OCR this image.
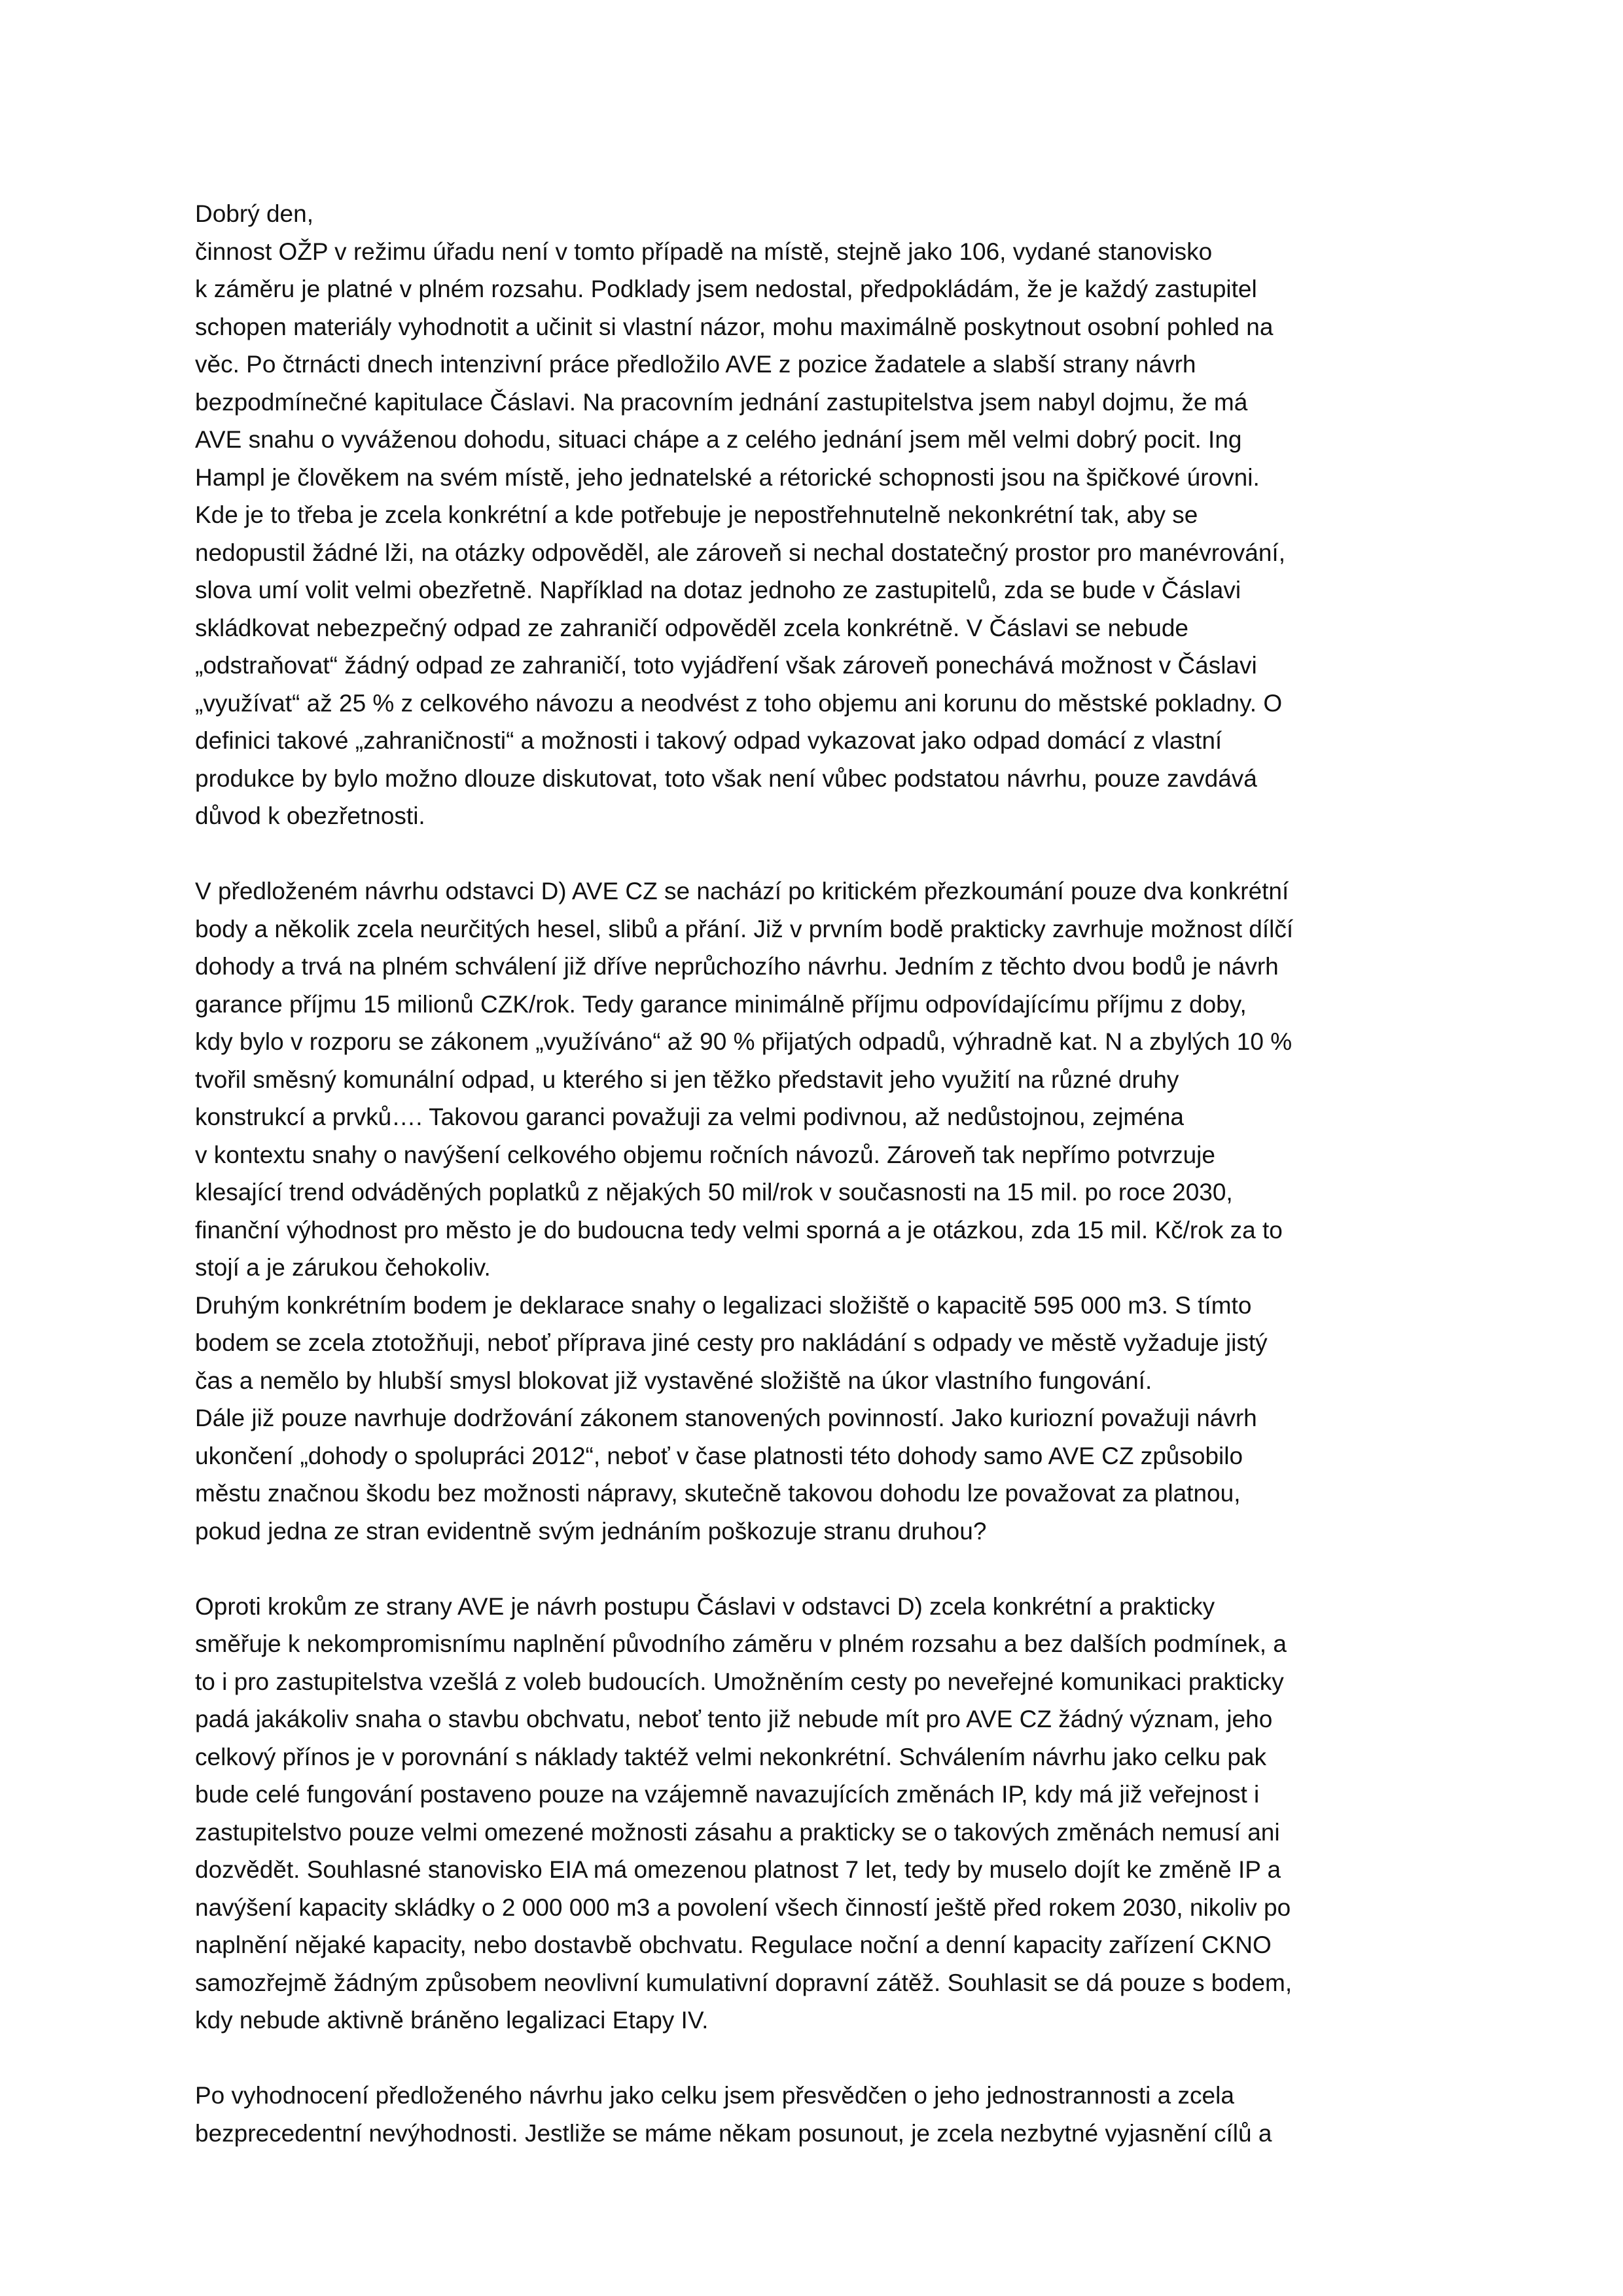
Dobrý den,
činnost OŽP v režimu úřadu není v tomto případě na místě, stejně jako 106, vydané stanovisko
k záměru je platné v plném rozsahu. Podklady jsem nedostal, předpokládám, že je každý zastupitel
schopen materiály vyhodnotit a učinit si vlastní názor, mohu maximálně poskytnout osobní pohled na
věc. Po čtrnácti dnech intenzivní práce předložilo AVE z pozice žadatele a slabší strany návrh
bezpodmínečné kapitulace Čáslavi. Na pracovním jednání zastupitelstva jsem nabyl dojmu, že má
AVE snahu o vyváženou dohodu, situaci chápe a z celého jednání jsem měl velmi dobrý pocit. Ing
Hampl je člověkem na svém místě, jeho jednatelské a rétorické schopnosti jsou na špičkové úrovni.
Kde je to třeba je zcela konkrétní a kde potřebuje je nepostřehnutelně nekonkrétní tak, aby se
nedopustil žádné lži, na otázky odpověděl, ale zároveň si nechal dostatečný prostor pro manévrování,
slova umí volit velmi obezřetně. Například na dotaz jednoho ze zastupitelů, zda se bude v Čáslavi
skládkovat nebezpečný odpad ze zahraničí odpověděl zcela konkrétně. V Čáslavi se nebude
„odstraňovat“ žádný odpad ze zahraničí, toto vyjádření však zároveň ponechává možnost v Čáslavi
„využívat“ až 25 % z celkového návozu a neodvést z toho objemu ani korunu do městské pokladny. O
definici takové „zahraničnosti“ a možnosti i takový odpad vykazovat jako odpad domácí z vlastní
produkce by bylo možno dlouze diskutovat, toto však není vůbec podstatou návrhu, pouze zavdává
důvod k obezřetnosti.

V předloženém návrhu odstavci D) AVE CZ se nachází po kritickém přezkoumání pouze dva konkrétní
body a několik zcela neurčitých hesel, slibů a přání. Již v prvním bodě prakticky zavrhuje možnost dílčí
dohody a trvá na plném schválení již dříve neprůchozího návrhu. Jedním z těchto dvou bodů je návrh
garance příjmu 15 milionů CZK/rok. Tedy garance minimálně příjmu odpovídajícímu příjmu z doby,
kdy bylo v rozporu se zákonem „využíváno“ až 90 % přijatých odpadů, výhradně kat. N a zbylých 10 %
tvořil směsný komunální odpad, u kterého si jen těžko představit jeho využití na různé druhy
konstrukcí a prvků…. Takovou garanci považuji za velmi podivnou, až nedůstojnou, zejména
v kontextu snahy o navýšení celkového objemu ročních návozů. Zároveň tak nepřímo potvrzuje
klesající trend odváděných poplatků z nějakých 50 mil/rok v současnosti na 15 mil. po roce 2030,
finanční výhodnost pro město je do budoucna tedy velmi sporná a je otázkou, zda 15 mil. Kč/rok za to
stojí a je zárukou čehokoliv.
Druhým konkrétním bodem je deklarace snahy o legalizaci složiště o kapacitě 595 000 m3. S tímto
bodem se zcela ztotožňuji, neboť příprava jiné cesty pro nakládání s odpady ve městě vyžaduje jistý
čas a nemělo by hlubší smysl blokovat již vystavěné složiště na úkor vlastního fungování.
Dále již pouze navrhuje dodržování zákonem stanovených povinností. Jako kuriozní považuji návrh
ukončení „dohody o spolupráci 2012“, neboť v čase platnosti této dohody samo AVE CZ způsobilo
městu značnou škodu bez možnosti nápravy, skutečně takovou dohodu lze považovat za platnou,
pokud jedna ze stran evidentně svým jednáním poškozuje stranu druhou?

Oproti krokům ze strany AVE je návrh postupu Čáslavi v odstavci D) zcela konkrétní a prakticky
směřuje k nekompromisnímu naplnění původního záměru v plném rozsahu a bez dalších podmínek, a
to i pro zastupitelstva vzešlá z voleb budoucích. Umožněním cesty po neveřejné komunikaci prakticky
padá jakákoliv snaha o stavbu obchvatu, neboť tento již nebude mít pro AVE CZ žádný význam, jeho
celkový přínos je v porovnání s náklady taktéž velmi nekonkrétní. Schválením návrhu jako celku pak
bude celé fungování postaveno pouze na vzájemně navazujících změnách IP, kdy má již veřejnost i
zastupitelstvo pouze velmi omezené možnosti zásahu a prakticky se o takových změnách nemusí ani
dozvědět. Souhlasné stanovisko EIA má omezenou platnost 7 let, tedy by muselo dojít ke změně IP a
navýšení kapacity skládky o 2 000 000 m3 a povolení všech činností ještě před rokem 2030, nikoliv po
naplnění nějaké kapacity, nebo dostavbě obchvatu. Regulace noční a denní kapacity zařízení CKNO
samozřejmě žádným způsobem neovlivní kumulativní dopravní zátěž. Souhlasit se dá pouze s bodem,
kdy nebude aktivně bráněno legalizaci Etapy IV.

Po vyhodnocení předloženého návrhu jako celku jsem přesvědčen o jeho jednostrannosti a zcela
bezprecedentní nevýhodnosti. Jestliže se máme někam posunout, je zcela nezbytné vyjasnění cílů a
